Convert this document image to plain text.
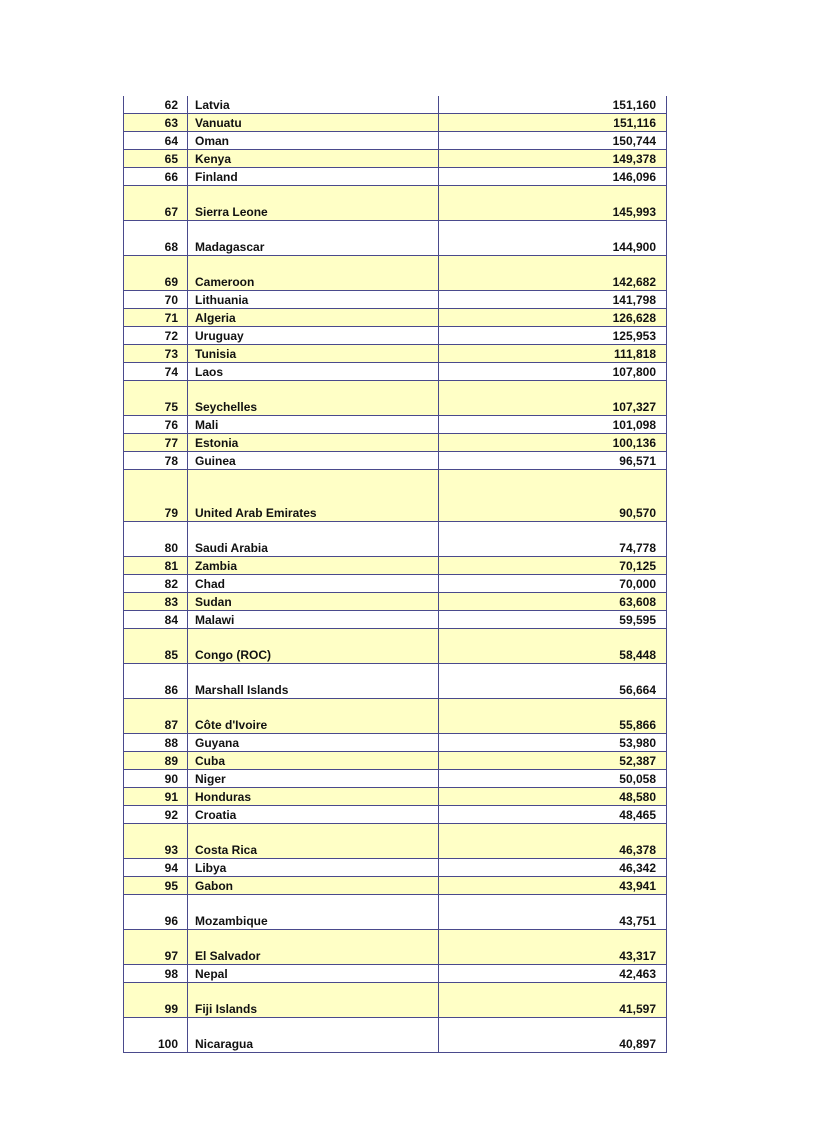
62	Latvia	151,160
63	Vanuatu	151,116
64	Oman	150,744
65	Kenya	149,378
66	Finland	146,096
67	Sierra Leone	145,993
68	Madagascar	144,900
69	Cameroon	142,682
70	Lithuania	141,798
71	Algeria	126,628
72	Uruguay	125,953
73	Tunisia	111,818
74	Laos	107,800
75	Seychelles	107,327
76	Mali	101,098
77	Estonia	100,136
78	Guinea	96,571
79	United Arab Emirates	90,570
80	Saudi Arabia	74,778
81	Zambia	70,125
82	Chad	70,000
83	Sudan	63,608
84	Malawi	59,595
85	Congo (ROC)	58,448
86	Marshall Islands	56,664
87	Côte d'Ivoire	55,866
88	Guyana	53,980
89	Cuba	52,387
90	Niger	50,058
91	Honduras	48,580
92	Croatia	48,465
93	Costa Rica	46,378
94	Libya	46,342
95	Gabon	43,941
96	Mozambique	43,751
97	El Salvador	43,317
98	Nepal	42,463
99	Fiji Islands	41,597
100	Nicaragua	40,897
